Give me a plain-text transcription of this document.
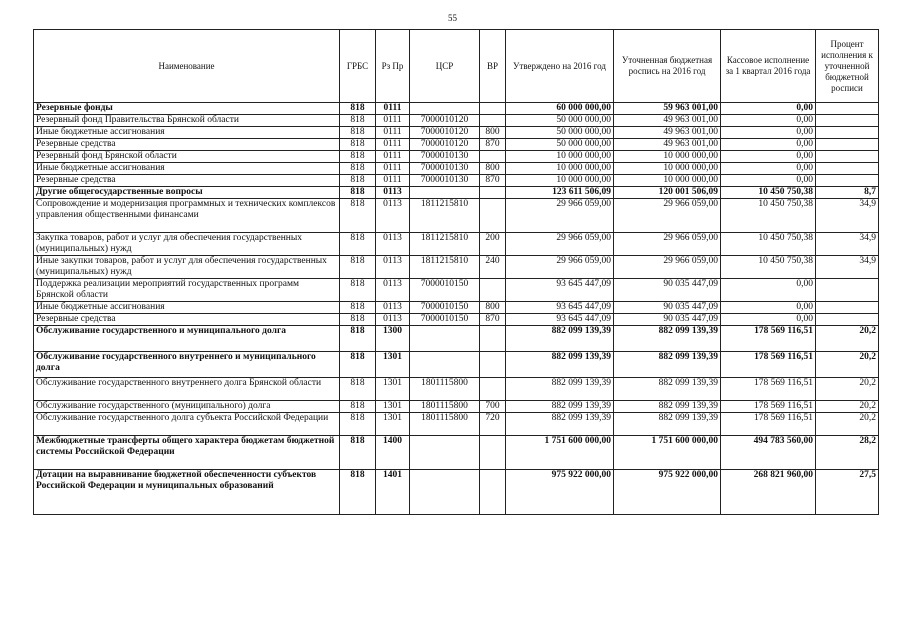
55
Наименование	ГРБС	Рз Пр	ЦСР	ВР	Утверждено на 2016 год	Уточненная бюджетная роспись на 2016 год	Кассовое исполнение за 1 квартал 2016 года	Процент исполнения к уточненной бюджетной росписи
Резервные фонды	818	0111			60 000 000,00	59 963 001,00	0,00	
Резервный фонд Правительства Брянской области	818	0111	7000010120		50 000 000,00	49 963 001,00	0,00	
Иные бюджетные ассигнования	818	0111	7000010120	800	50 000 000,00	49 963 001,00	0,00	
Резервные средства	818	0111	7000010120	870	50 000 000,00	49 963 001,00	0,00	
Резервный фонд Брянской области	818	0111	7000010130		10 000 000,00	10 000 000,00	0,00	
Иные бюджетные ассигнования	818	0111	7000010130	800	10 000 000,00	10 000 000,00	0,00	
Резервные средства	818	0111	7000010130	870	10 000 000,00	10 000 000,00	0,00	
Другие общегосударственные вопросы	818	0113			123 611 506,09	120 001 506,09	10 450 750,38	8,7
Сопровождение и модернизация программных и технических комплексов управления общественными финансами	818	0113	1811215810		29 966 059,00	29 966 059,00	10 450 750,38	34,9
Закупка товаров, работ и услуг для обеспечения государственных (муниципальных) нужд	818	0113	1811215810	200	29 966 059,00	29 966 059,00	10 450 750,38	34,9
Иные закупки товаров, работ и услуг для обеспечения государственных (муниципальных) нужд	818	0113	1811215810	240	29 966 059,00	29 966 059,00	10 450 750,38	34,9
Поддержка реализации мероприятий государственных программ Брянской области	818	0113	7000010150		93 645 447,09	90 035 447,09	0,00	
Иные бюджетные ассигнования	818	0113	7000010150	800	93 645 447,09	90 035 447,09	0,00	
Резервные средства	818	0113	7000010150	870	93 645 447,09	90 035 447,09	0,00	
Обслуживание государственного и муниципального долга	818	1300			882 099 139,39	882 099 139,39	178 569 116,51	20,2
Обслуживание государственного внутреннего и муниципального долга	818	1301			882 099 139,39	882 099 139,39	178 569 116,51	20,2
Обслуживание государственного внутреннего долга Брянской области	818	1301	1801115800		882 099 139,39	882 099 139,39	178 569 116,51	20,2
Обслуживание государственного (муниципального) долга	818	1301	1801115800	700	882 099 139,39	882 099 139,39	178 569 116,51	20,2
Обслуживание государственного долга субъекта Российской Федерации	818	1301	1801115800	720	882 099 139,39	882 099 139,39	178 569 116,51	20,2
Межбюджетные трансферты общего характера бюджетам бюджетной системы Российской Федерации	818	1400			1 751 600 000,00	1 751 600 000,00	494 783 560,00	28,2
Дотации на выравнивание бюджетной обеспеченности субъектов Российской Федерации и муниципальных образований	818	1401			975 922 000,00	975 922 000,00	268 821 960,00	27,5
